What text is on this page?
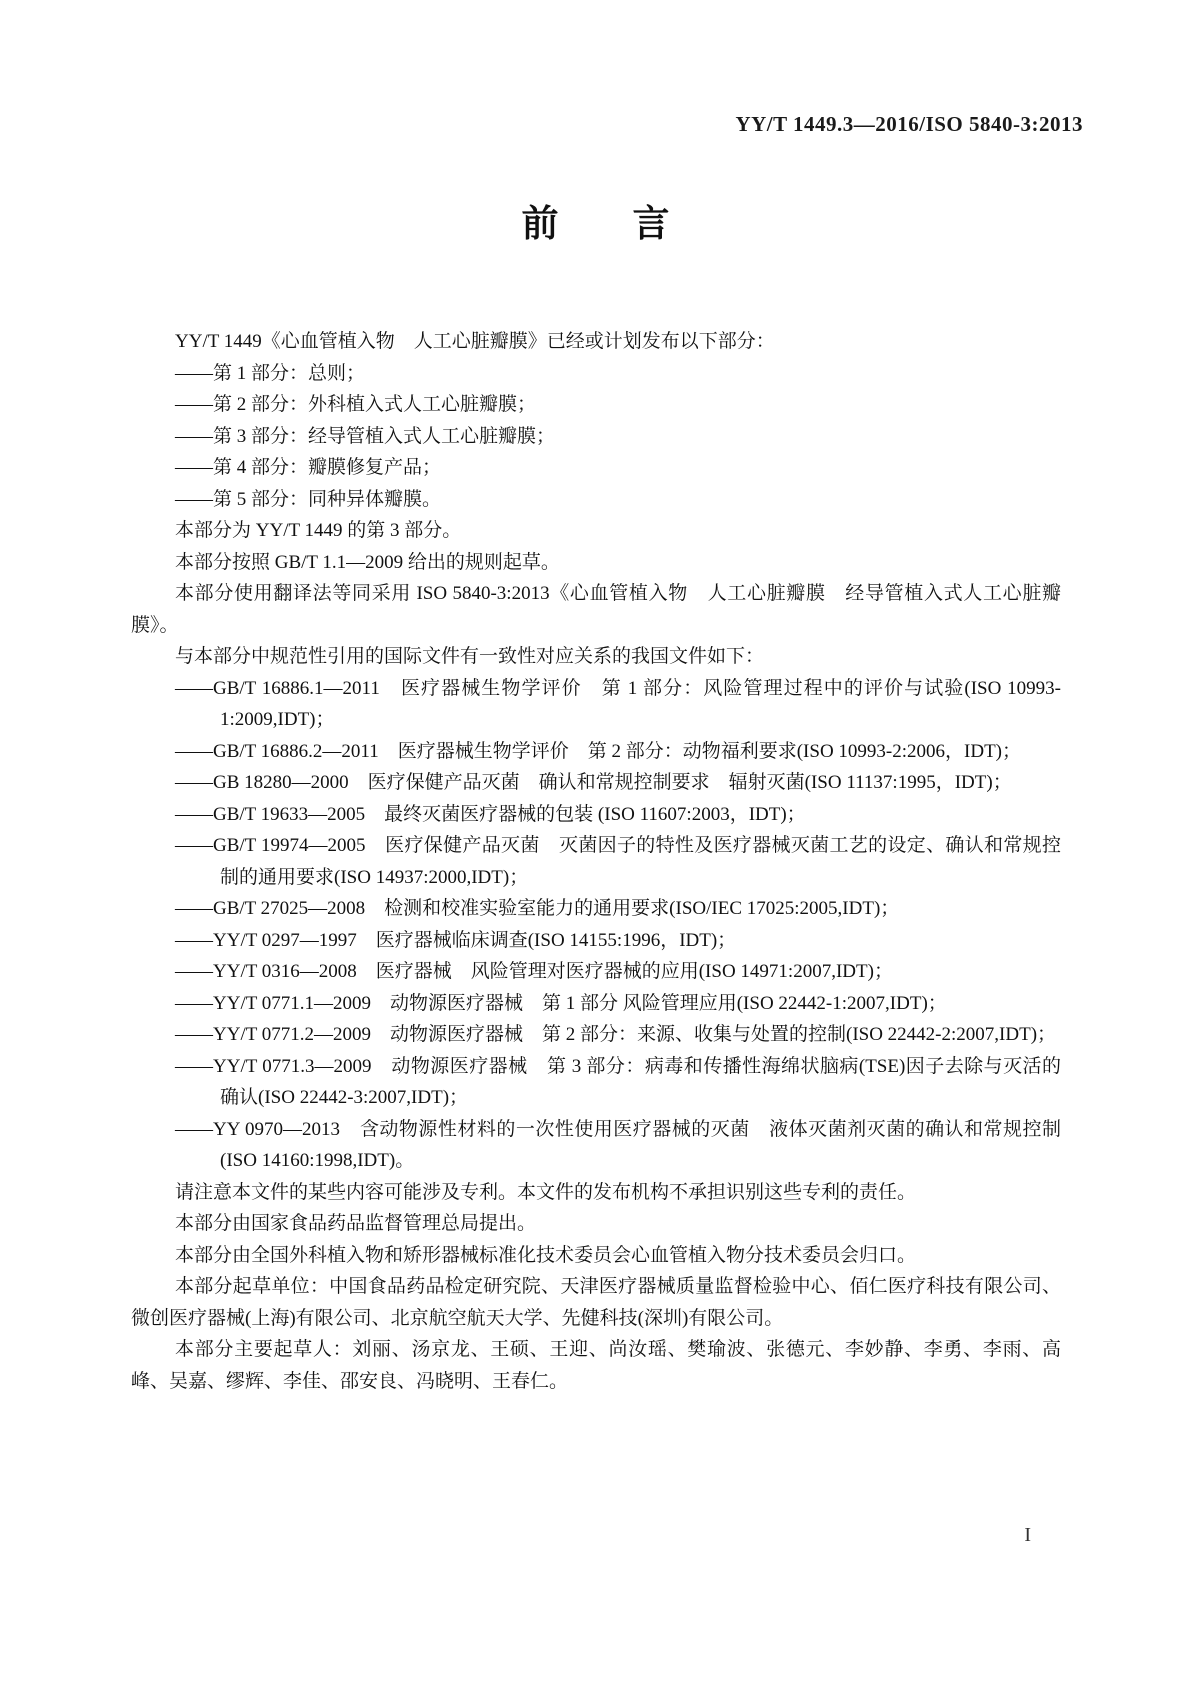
YY/T 1449.3—2016/ISO 5840-3:2013
前　　言
YY/T 1449《心血管植入物　人工心脏瓣膜》已经或计划发布以下部分：
——第 1 部分：总则；
——第 2 部分：外科植入式人工心脏瓣膜；
——第 3 部分：经导管植入式人工心脏瓣膜；
——第 4 部分：瓣膜修复产品；
——第 5 部分：同种异体瓣膜。
本部分为 YY/T 1449 的第 3 部分。
本部分按照 GB/T 1.1—2009 给出的规则起草。
本部分使用翻译法等同采用 ISO 5840-3:2013《心血管植入物　人工心脏瓣膜　经导管植入式人工心脏瓣膜》。
与本部分中规范性引用的国际文件有一致性对应关系的我国文件如下：
——GB/T 16886.1—2011　医疗器械生物学评价　第 1 部分：风险管理过程中的评价与试验(ISO 10993-1:2009,IDT)；
——GB/T 16886.2—2011　医疗器械生物学评价　第 2 部分：动物福利要求(ISO 10993-2:2006，IDT)；
——GB 18280—2000　医疗保健产品灭菌　确认和常规控制要求　辐射灭菌(ISO 11137:1995，IDT)；
——GB/T 19633—2005　最终灭菌医疗器械的包装 (ISO 11607:2003，IDT)；
——GB/T 19974—2005　医疗保健产品灭菌　灭菌因子的特性及医疗器械灭菌工艺的设定、确认和常规控制的通用要求(ISO 14937:2000,IDT)；
——GB/T 27025—2008　检测和校准实验室能力的通用要求(ISO/IEC 17025:2005,IDT)；
——YY/T 0297—1997　医疗器械临床调查(ISO 14155:1996，IDT)；
——YY/T 0316—2008　医疗器械　风险管理对医疗器械的应用(ISO 14971:2007,IDT)；
——YY/T 0771.1—2009　动物源医疗器械　第 1 部分 风险管理应用(ISO 22442-1:2007,IDT)；
——YY/T 0771.2—2009　动物源医疗器械　第 2 部分：来源、收集与处置的控制(ISO 22442-2:2007,IDT)；
——YY/T 0771.3—2009　动物源医疗器械　第 3 部分：病毒和传播性海绵状脑病(TSE)因子去除与灭活的确认(ISO 22442-3:2007,IDT)；
——YY 0970—2013　含动物源性材料的一次性使用医疗器械的灭菌　液体灭菌剂灭菌的确认和常规控制(ISO 14160:1998,IDT)。
请注意本文件的某些内容可能涉及专利。本文件的发布机构不承担识别这些专利的责任。
本部分由国家食品药品监督管理总局提出。
本部分由全国外科植入物和矫形器械标准化技术委员会心血管植入物分技术委员会归口。
本部分起草单位：中国食品药品检定研究院、天津医疗器械质量监督检验中心、佰仁医疗科技有限公司、微创医疗器械(上海)有限公司、北京航空航天大学、先健科技(深圳)有限公司。
本部分主要起草人：刘丽、汤京龙、王硕、王迎、尚汝瑶、樊瑜波、张德元、李妙静、李勇、李雨、高峰、吴嘉、缪辉、李佳、邵安良、冯晓明、王春仁。
I
